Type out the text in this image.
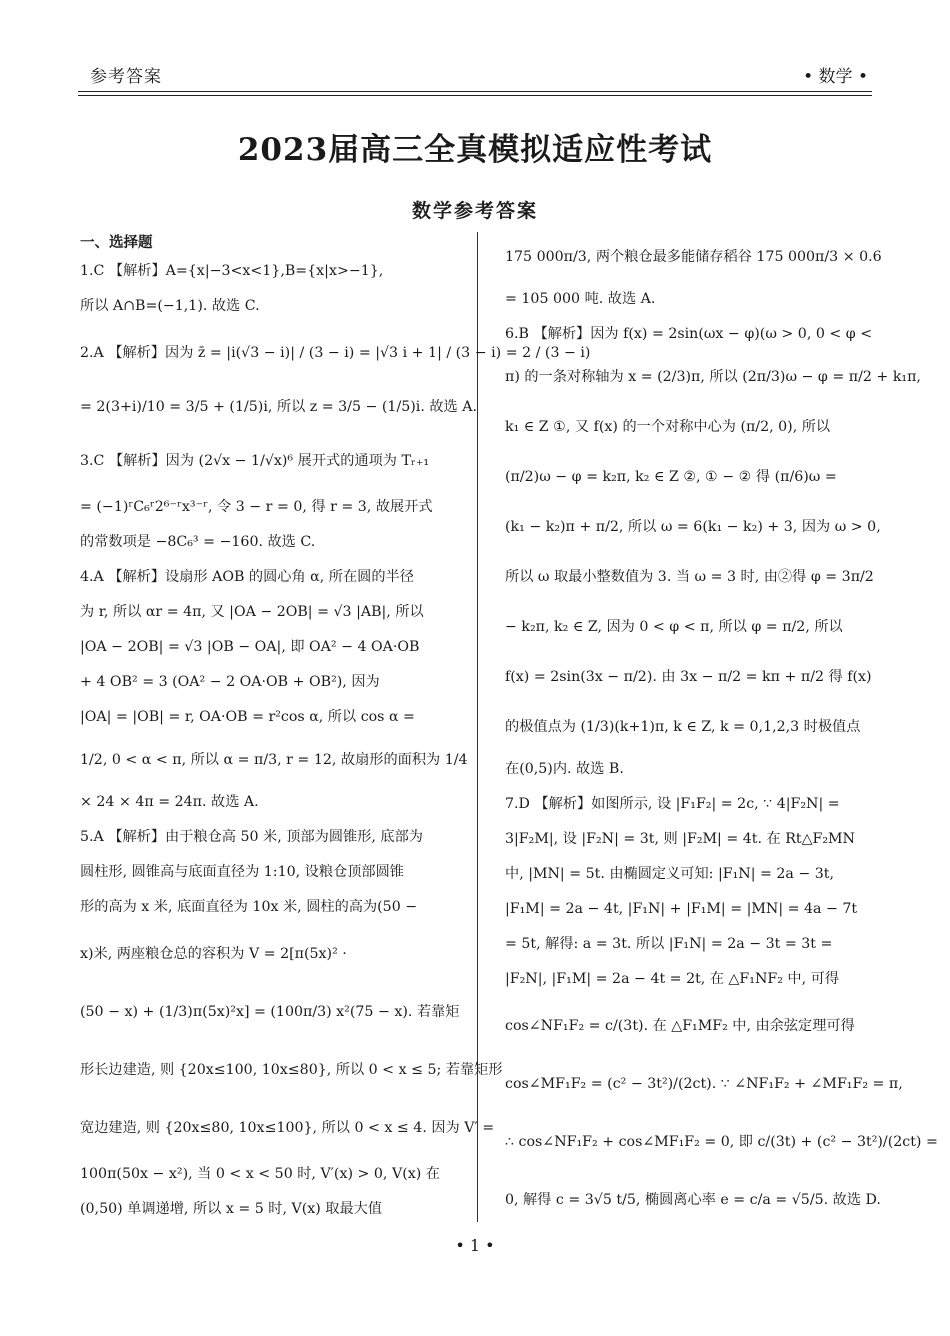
参考答案	• 数学 •
2023届高三全真模拟适应性考试
数学参考答案
一、选择题
1.C 【解析】A={x|−3<x<1},B={x|x>−1},
所以 A∩B=(−1,1). 故选 C.
2.A 【解析】因为 z̄ = |i(√3 − i)| / (3 − i) = |√3 i + 1| / (3 − i) = 2 / (3 − i)
= 2(3+i)/10 = 3/5 + (1/5)i, 所以 z = 3/5 − (1/5)i. 故选 A.
3.C 【解析】因为 (2√x − 1/√x)⁶ 展开式的通项为 Tᵣ₊₁
= (−1)ʳC₆ʳ2⁶⁻ʳx³⁻ʳ, 令 3 − r = 0, 得 r = 3, 故展开式
的常数项是 −8C₆³ = −160. 故选 C.
4.A 【解析】设扇形 AOB 的圆心角 α, 所在圆的半径
为 r, 所以 αr = 4π, 又 |OA − 2OB| = √3 |AB|, 所以
|OA − 2OB| = √3 |OB − OA|, 即 OA² − 4 OA·OB
+ 4 OB² = 3 (OA² − 2 OA·OB + OB²), 因为
|OA| = |OB| = r, OA·OB = r²cos α, 所以 cos α =
1/2, 0 < α < π, 所以 α = π/3, r = 12, 故扇形的面积为 1/4
× 24 × 4π = 24π. 故选 A.
5.A 【解析】由于粮仓高 50 米, 顶部为圆锥形, 底部为
圆柱形, 圆锥高与底面直径为 1:10, 设粮仓顶部圆锥
形的高为 x 米, 底面直径为 10x 米, 圆柱的高为(50 −
x)米, 两座粮仓总的容积为 V = 2[π(5x)² ·
(50 − x) + (1/3)π(5x)²x] = (100π/3) x²(75 − x). 若靠矩
形长边建造, 则 {20x≤100, 10x≤80}, 所以 0 < x ≤ 5; 若靠矩形
宽边建造, 则 {20x≤80, 10x≤100}, 所以 0 < x ≤ 4. 因为 V′ =
100π(50x − x²), 当 0 < x < 50 时, V′(x) > 0, V(x) 在
(0,50) 单调递增, 所以 x = 5 时, V(x) 取最大值
175 000π/3, 两个粮仓最多能储存稻谷 175 000π/3 × 0.6
= 105 000 吨. 故选 A.
6.B 【解析】因为 f(x) = 2sin(ωx − φ)(ω > 0, 0 < φ <
π) 的一条对称轴为 x = (2/3)π, 所以 (2π/3)ω − φ = π/2 + k₁π,
k₁ ∈ Z ①, 又 f(x) 的一个对称中心为 (π/2, 0), 所以
(π/2)ω − φ = k₂π, k₂ ∈ Z ②, ① − ② 得 (π/6)ω =
(k₁ − k₂)π + π/2, 所以 ω = 6(k₁ − k₂) + 3, 因为 ω > 0,
所以 ω 取最小整数值为 3. 当 ω = 3 时, 由②得 φ = 3π/2
− k₂π, k₂ ∈ Z, 因为 0 < φ < π, 所以 φ = π/2, 所以
f(x) = 2sin(3x − π/2). 由 3x − π/2 = kπ + π/2 得 f(x)
的极值点为 (1/3)(k+1)π, k ∈ Z, k = 0,1,2,3 时极值点
在(0,5)内. 故选 B.
7.D 【解析】如图所示, 设 |F₁F₂| = 2c, ∵ 4|F₂N| =
3|F₂M|, 设 |F₂N| = 3t, 则 |F₂M| = 4t. 在 Rt△F₂MN
中, |MN| = 5t. 由椭圆定义可知: |F₁N| = 2a − 3t,
|F₁M| = 2a − 4t, |F₁N| + |F₁M| = |MN| = 4a − 7t
= 5t, 解得: a = 3t. 所以 |F₁N| = 2a − 3t = 3t =
|F₂N|, |F₁M| = 2a − 4t = 2t, 在 △F₁NF₂ 中, 可得
cos∠NF₁F₂ = c/(3t). 在 △F₁MF₂ 中, 由余弦定理可得
cos∠MF₁F₂ = (c² − 3t²)/(2ct). ∵ ∠NF₁F₂ + ∠MF₁F₂ = π,
∴ cos∠NF₁F₂ + cos∠MF₁F₂ = 0, 即 c/(3t) + (c² − 3t²)/(2ct) =
0, 解得 c = 3√5 t/5, 椭圆离心率 e = c/a = √5/5. 故选 D.
• 1 •
